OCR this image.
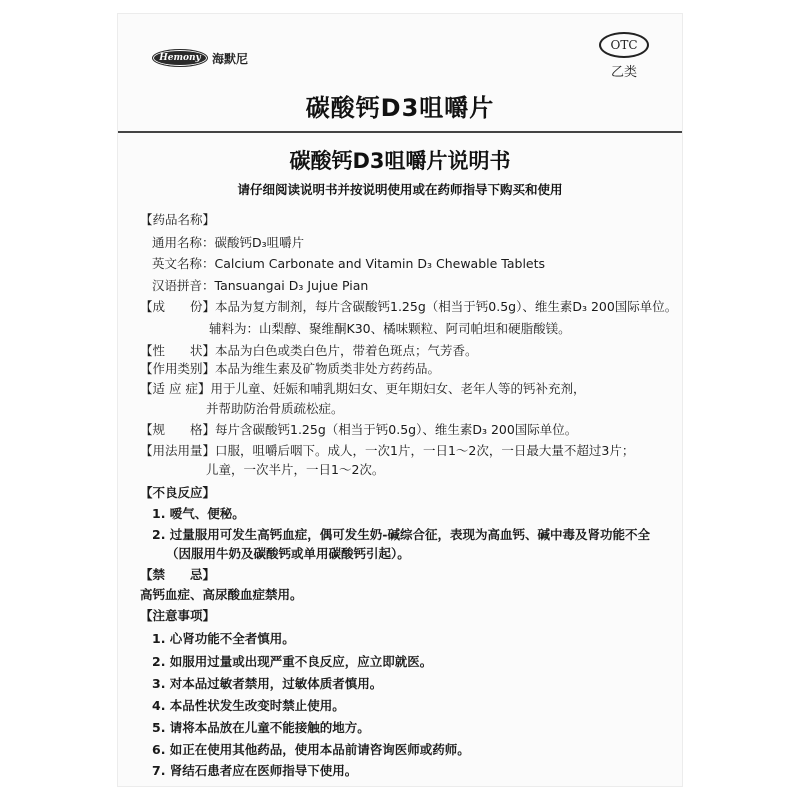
Hemony 海默尼
OTC
乙类
碳酸钙D3咀嚼片
碳酸钙D3咀嚼片说明书
请仔细阅读说明书并按说明使用或在药师指导下购买和使用
【药品名称】
通用名称：碳酸钙D₃咀嚼片
英文名称：Calcium Carbonate and Vitamin D₃ Chewable Tablets
汉语拼音：Tansuangai D₃ Jujue Pian
【成　　份】本品为复方制剂，每片含碳酸钙1.25g（相当于钙0.5g）、维生素D₃ 200国际单位。
辅料为：山梨醇、聚维酮K30、橘味颗粒、阿司帕坦和硬脂酸镁。
【性　　状】本品为白色或类白色片，带着色斑点；气芳香。
【作用类别】本品为维生素及矿物质类非处方药药品。
【适 应 症】用于儿童、妊娠和哺乳期妇女、更年期妇女、老年人等的钙补充剂，
并帮助防治骨质疏松症。
【规　　格】每片含碳酸钙1.25g（相当于钙0.5g）、维生素D₃ 200国际单位。
【用法用量】口服，咀嚼后咽下。成人，一次1片，一日1～2次，一日最大量不超过3片；
儿童，一次半片，一日1～2次。
【不良反应】
1. 嗳气、便秘。
2. 过量服用可发生高钙血症，偶可发生奶-碱综合征，表现为高血钙、碱中毒及肾功能不全
（因服用牛奶及碳酸钙或单用碳酸钙引起）。
【禁　　忌】
高钙血症、高尿酸血症禁用。
【注意事项】
1. 心肾功能不全者慎用。
2. 如服用过量或出现严重不良反应，应立即就医。
3. 对本品过敏者禁用，过敏体质者慎用。
4. 本品性状发生改变时禁止使用。
5. 请将本品放在儿童不能接触的地方。
6. 如正在使用其他药品，使用本品前请咨询医师或药师。
7. 肾结石患者应在医师指导下使用。
